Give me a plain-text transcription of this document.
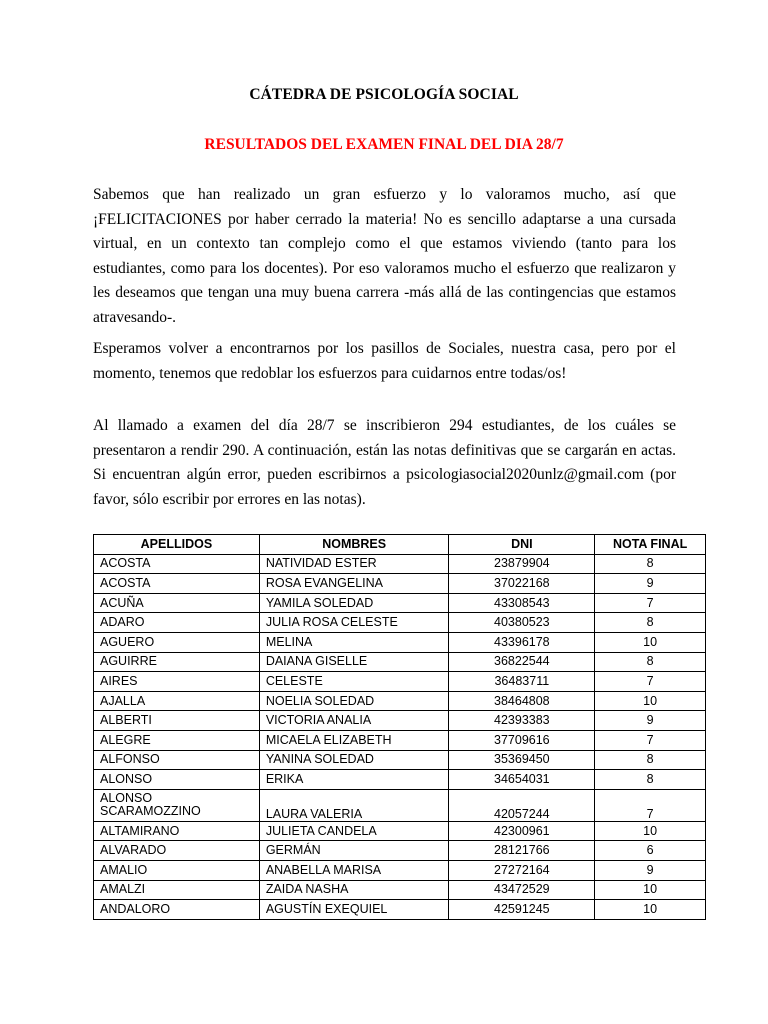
CÁTEDRA DE PSICOLOGÍA SOCIAL
RESULTADOS DEL EXAMEN FINAL DEL DIA 28/7

Sabemos que han realizado un gran esfuerzo y lo valoramos mucho, así que ¡FELICITACIONES por haber cerrado la materia! No es sencillo adaptarse a una cursada virtual, en un contexto tan complejo como el que estamos viviendo (tanto para los estudiantes, como para los docentes). Por eso valoramos mucho el esfuerzo que realizaron y les deseamos que tengan una muy buena carrera -más allá de las contingencias que estamos atravesando-.

Esperamos volver a encontrarnos por los pasillos de Sociales, nuestra casa, pero por el momento, tenemos que redoblar los esfuerzos para cuidarnos entre todas/os!

Al llamado a examen del día 28/7 se inscribieron 294 estudiantes, de los cuáles se presentaron a rendir 290. A continuación, están las notas definitivas que se cargarán en actas. Si encuentran algún error, pueden escribirnos a psicologiasocial2020unlz@gmail.com (por favor, sólo escribir por errores en las notas).

APELLIDOS	NOMBRES	DNI	NOTA FINAL
ACOSTA	NATIVIDAD ESTER	23879904	8
ACOSTA	ROSA EVANGELINA	37022168	9
ACUÑA	YAMILA SOLEDAD	43308543	7
ADARO	JULIA ROSA CELESTE	40380523	8
AGUERO	MELINA	43396178	10
AGUIRRE	DAIANA GISELLE	36822544	8
AIRES	CELESTE	36483711	7
AJALLA	NOELIA SOLEDAD	38464808	10
ALBERTI	VICTORIA ANALIA	42393383	9
ALEGRE	MICAELA ELIZABETH	37709616	7
ALFONSO	YANINA SOLEDAD	35369450	8
ALONSO	ERIKA	34654031	8
ALONSO SCARAMOZZINO	LAURA VALERIA	42057244	7
ALTAMIRANO	JULIETA CANDELA	42300961	10
ALVARADO	GERMÁN	28121766	6
AMALIO	ANABELLA MARISA	27272164	9
AMALZI	ZAIDA NASHA	43472529	10
ANDALORO	AGUSTÍN EXEQUIEL	42591245	10
